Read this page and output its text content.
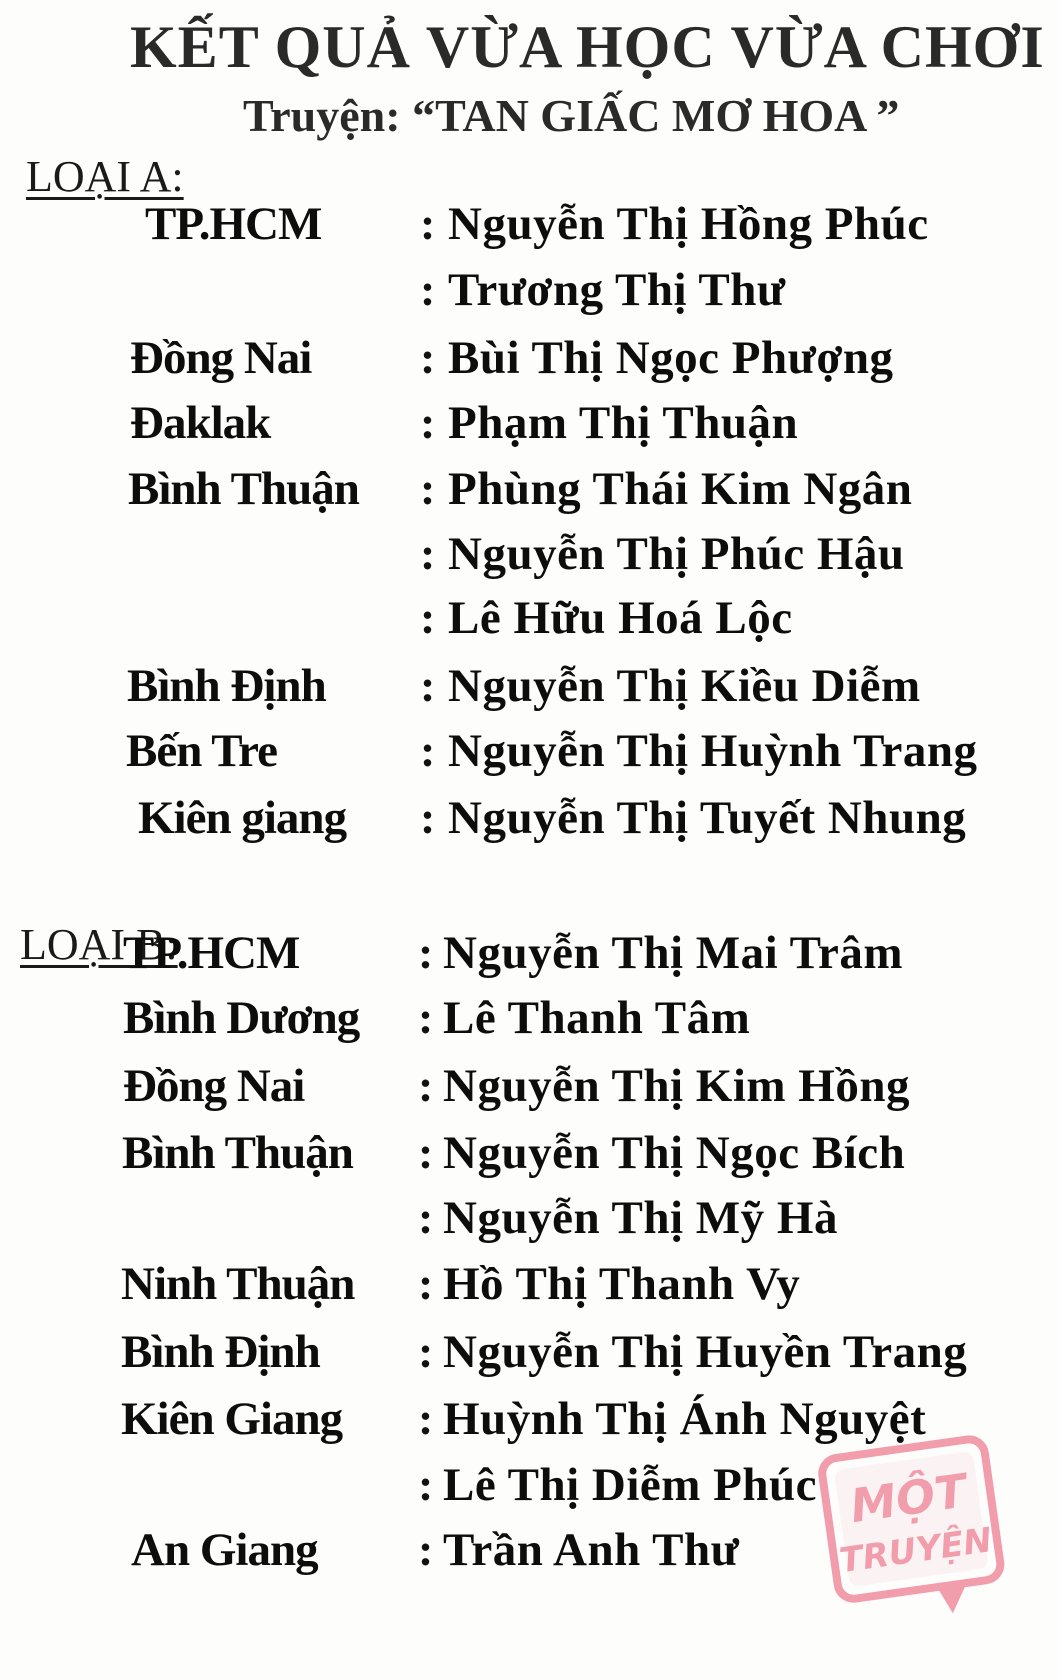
KẾT QUẢ VỪA HỌC VỪA CHƠI
Truyện: “TAN GIẤC MƠ HOA ”
LOẠI A:
LOẠI B:
TP.HCM : Nguyễn Thị Hồng Phúc
: Trương Thị Thư
Đồng Nai : Bùi Thị Ngọc Phượng
Đaklak	: Phạm Thị Thuận
Bình Thuận : Phùng Thái Kim Ngân
: Nguyễn Thị Phúc Hậu
: Lê Hữu Hoá Lộc
Bình Định : Nguyễn Thị Kiều Diễm
Bến Tre	: Nguyễn Thị Huỳnh Trang
Kiên giang : Nguyễn Thị Tuyết Nhung
TP.HCM	: Nguyễn Thị Mai Trâm
Bình Dương : Lê Thanh Tâm
Đồng Nai : Nguyễn Thị Kim Hồng
Bình Thuận : Nguyễn Thị Ngọc Bích
: Nguyễn Thị Mỹ Hà
Ninh Thuận : Hồ Thị Thanh Vy
Bình Định : Nguyễn Thị Huyền Trang
Kiên Giang : Huỳnh Thị Ánh Nguyệt
: Lê Thị Diễm Phúc
An Giang : Trần Anh Thư
MỘT
TRUYỆN
